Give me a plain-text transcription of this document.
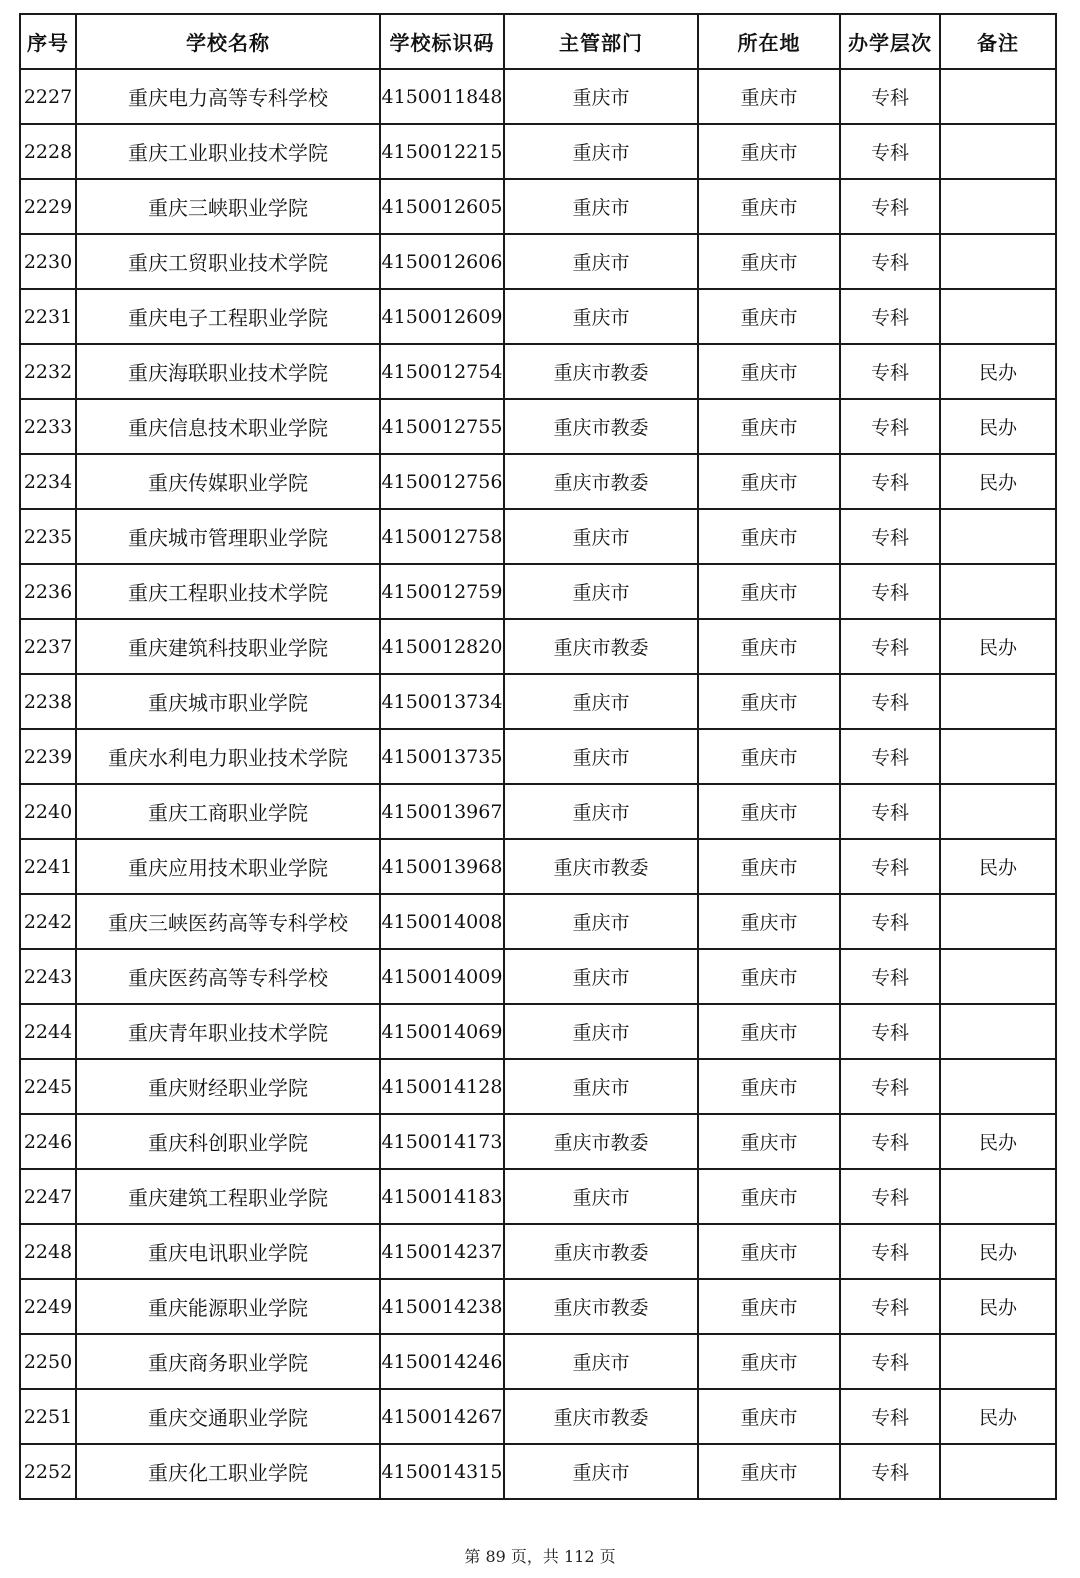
序号	学校名称	学校标识码	主管部门	所在地	办学层次	备注
2227	重庆电力高等专科学校	4150011848	重庆市	重庆市	专科	
2228	重庆工业职业技术学院	4150012215	重庆市	重庆市	专科	
2229	重庆三峡职业学院	4150012605	重庆市	重庆市	专科	
2230	重庆工贸职业技术学院	4150012606	重庆市	重庆市	专科	
2231	重庆电子工程职业学院	4150012609	重庆市	重庆市	专科	
2232	重庆海联职业技术学院	4150012754	重庆市教委	重庆市	专科	民办
2233	重庆信息技术职业学院	4150012755	重庆市教委	重庆市	专科	民办
2234	重庆传媒职业学院	4150012756	重庆市教委	重庆市	专科	民办
2235	重庆城市管理职业学院	4150012758	重庆市	重庆市	专科	
2236	重庆工程职业技术学院	4150012759	重庆市	重庆市	专科	
2237	重庆建筑科技职业学院	4150012820	重庆市教委	重庆市	专科	民办
2238	重庆城市职业学院	4150013734	重庆市	重庆市	专科	
2239	重庆水利电力职业技术学院	4150013735	重庆市	重庆市	专科	
2240	重庆工商职业学院	4150013967	重庆市	重庆市	专科	
2241	重庆应用技术职业学院	4150013968	重庆市教委	重庆市	专科	民办
2242	重庆三峡医药高等专科学校	4150014008	重庆市	重庆市	专科	
2243	重庆医药高等专科学校	4150014009	重庆市	重庆市	专科	
2244	重庆青年职业技术学院	4150014069	重庆市	重庆市	专科	
2245	重庆财经职业学院	4150014128	重庆市	重庆市	专科	
2246	重庆科创职业学院	4150014173	重庆市教委	重庆市	专科	民办
2247	重庆建筑工程职业学院	4150014183	重庆市	重庆市	专科	
2248	重庆电讯职业学院	4150014237	重庆市教委	重庆市	专科	民办
2249	重庆能源职业学院	4150014238	重庆市教委	重庆市	专科	民办
2250	重庆商务职业学院	4150014246	重庆市	重庆市	专科	
2251	重庆交通职业学院	4150014267	重庆市教委	重庆市	专科	民办
2252	重庆化工职业学院	4150014315	重庆市	重庆市	专科	
第 89 页，共 112 页
